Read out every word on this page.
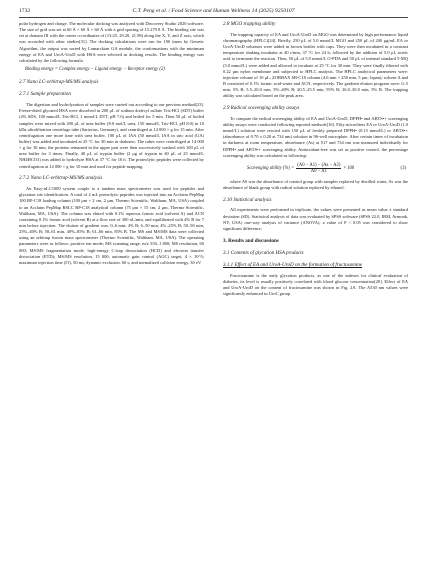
1732	C.T. Peng et al. / Food Science and Human Wellness 14 (2025) 9250107

polar hydrogen and charge. The molecular docking was analyzed with Discovery Studio 2020 software. The size of grid was set at 60 Å × 60 Å × 60 Å with a grid spacing of 15.279 8 Å. The binding site was set at domain III with the center co-ordinates of (13:25, 29.20, 21.98) along the X, Y, and Z axis, which was accorded with other studies[31]. The docking calculations were run for 100 times by Genetic Algorithm, the output was sorted by Lamarckian GA module, the conformations with the minimum energy of EA and UroA-UroD with HSA were selected as docking results. The binding energy was calculated by the following formula.

Binding energy = Complex energy − Ligand energy − Receptor energy (2)
2.7 Nano LC-orbitrap-MS/MS analysis
2.7.1 Sample preparation

The digestion and hydrolyzation of samples were carried out according to our previous method[23]. Freeze-dried glycated HSA were dissolved in 200 μL of sodium dodecyl sulfate Tris-HCl (SDT) buffer (4% SDS, 100 mmol/L Tris-HCl, 1 mmol/L DTT, pH 7.6) and boiled for 5 min. Then 50 μL of boiled samples were mixed with 200 μL of urea buffer (8.0 mol/L urea, 150 mmol/L Tris-HCl, pH 8.0) in 10 kDa ultrafiltration centrifuge tube (Sartorius, Germany), and centrifuged at 14 000 × g for 15 min. After centrifugation one more time with urea buffer, 100 μL of IAA (50 mmol/L IAA in uric acid (UA) buffer) was added and incubated at 25 °C for 30 min in darkness. The tubes were centrifuged at 14 000 × g for 10 min, the proteins remained in the upper part were then successively washed with 100 μL of urea buffer for 3 times. Finally, 40 μL of trypsin buffer (2 μg of trypsin in 40 μL of 25 mmol/L NH4HCO3) was added to hydrolyze HSA at 37 °C for 16 h. The proteolytic peptides were collected by centrifugation at 14 000 × g for 10 min and used for peptide mapping.

2.7.2 Nano LC-orbitrap-MS/MS analysis

An Easy-nLC1000 system couple to a tandem mass spectrometer was used for peptides and glycation site identification. A total of 2 mL proteolytic peptides was injected into an Acclaim PepMap 100 RP-C18 loading column (100 μm × 2 cm, 2 μm, Thermo Scientific, Waltham, MA, USA) coupled to an Acclaim PepMap RSLC RP-C18 analytical column (75 μm × 15 cm, 2 μm, Thermo Scientific, Waltham, MA, USA). The column was eluted with 0.1% aqueous formic acid (solvent A) and ACN containing 0.1% formic acid (solvent B) at a flow rate of 300 nL/min, and equilibrated with 4% B for 7 min before injection. The elution of gradient was: 0–6 min, 4% B; 6–50 min, 4%–25% B; 50–58 min, 25%–40% B; 58–61 min, 40%–85% B; 61–66 min, 85% B. The MS and MS/MS data were collected using an orbitrap fusion mass spectrometer (Thermo Scientific, Waltham, MA, USA). The operating parameters were as follows: positive ion mode; MS scanning range, m/z 350–1 800; MS resolution, 60 000; MS/MS fragmentation mode, high-energy C-trap dissociation (HCD) and electron transfer dissociation (ETD); MS/MS resolution, 15 000; automatic gain control (AGC) target, 4 × 10^5; maximum injection time (IT), 50 ms; dynamic exclusion, 60 s; and normalized collision energy, 30 eV.

2.8 MGO trapping ability

The trapping capacity of EA and UroA-UroD on MGO was determined by high performance liquid chromatography (HPLC)[24]. Briefly, 250 μL of 5.0 mmol/L MGO and 250 μL of 200 μg/mL EA or UroA-UroD solutions were added in brown bottles with caps. They were then incubated in a constant temperature shaking incubator at 40 r/min, 37 °C for 24 h, followed by the addition of 5.0 μL acetic acid to terminate the reaction. Then, 50 μL of 5.0 mmol/L O-PDA and 50 μL of internal standard 5-MQ (5.0 mmol/L) were added and allowed to incubate at 25 °C for 30 min. They were finally filtered with 0.22 μm nylon membrane and subjected to HPLC analysis. The HPLC analytical parameters were: injection volume of 10 μL; ZORBAX SB-C18 column (4.6 mm × 250 mm, 5 μm, Japan); solvent A and B consisted of 0.1% formic acid-water and ACN, respectively. The gradient elution program were: 0–5 min, 5% B; 5.5–20.0 min, 5%–40% B; 20.5–25.5 min, 95% B; 26.0–30.0 min, 5% B. The trapping ability was calculated based on the peak area.

2.9 Radical scavenging ability assays

To compare the radical scavenging ability of EA and UroA-UroD, DPPH• and ABTS•+ scavenging ability assays were conducted following reported methods[16]. Fifty microliters EA or UroA-UroD (1.0 mmol/L) solution were reacted with 150 μL of freshly prepared DPPH• (0.15 mmol/L) or ABTS•+ (absorbance of 0.70 ± 0.20 at 734 nm) solution in 96-well microplate. After certain times of incubation in darkness at room temperature, absorbance (As) at 517 and 734 nm was measured individually for DPPH• and ABTS•+ scavenging ability. Antioxidant-free was set as positive control, the percentage scavenging ability was calculated as following:

Scavenging ability (%) = $\frac{(A0 - A1) - (As - A2)}{A0 - A1} \times 100$	(3)

where A0 was the absorbance of control group with samples replaced by distilled water, As was the absorbance of blank group with radical solution replaced by ethanol.

2.10 Statistical analysis

All experiments were performed in triplicate, the values were presented as mean value ± standard deviation (SD). Statistical analysis of data was evaluated by SPSS software (SPSS 22.0, IBM, Armonk, NY, USA) one-way analysis of variance (ANOVA), a value of P < 0.05 was considered to show significant difference.

3. Results and discussions
3.1 Contents of glycation HSA products
3.1.1 Effect of EA and UroA-UroD on the formation of fructosamine

Fructosamine is the early glycation products, as one of the indexes for clinical evaluation of diabetes, its level is usually positively correlated with blood glucose concentration[20]. Effect of EA and UroA-UroD on the content of fructosamine was shown in Fig. 2A. The A530 nm values were significantly enhanced in UroC group
